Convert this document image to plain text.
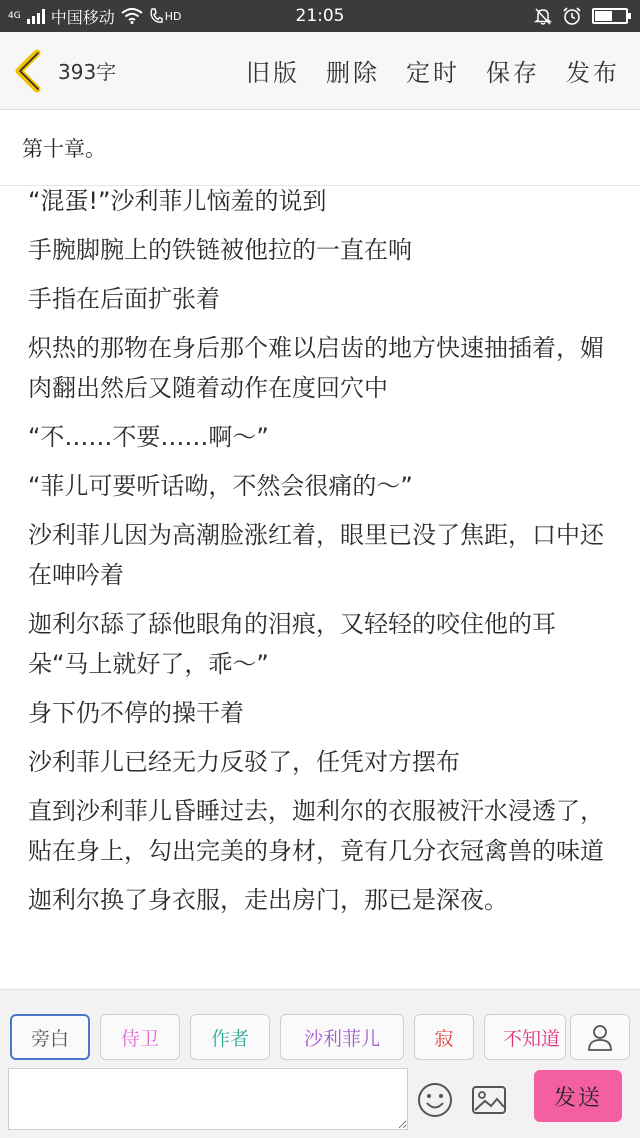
4G 中国移动	HD	21:05
393字	旧版 删除 定时 保存 发布
第十章。

“混蛋!”沙利菲儿恼羞的说到

手腕脚腕上的铁链被他拉的一直在响

手指在后面扩张着

炽热的那物在身后那个难以启齿的地方快速抽插着，媚肉翻出然后又随着动作在度回穴中

“不……不要……啊～”

“菲儿可要听话呦，不然会很痛的～”

沙利菲儿因为高潮脸涨红着，眼里已没了焦距，口中还在呻吟着

迦利尔舔了舔他眼角的泪痕，又轻轻的咬住他的耳朵“马上就好了，乖～”

身下仍不停的操干着

沙利菲儿已经无力反驳了，任凭对方摆布

直到沙利菲儿昏睡过去，迦利尔的衣服被汗水浸透了，贴在身上，勾出完美的身材，竟有几分衣冠禽兽的味道

迦利尔换了身衣服，走出房门，那已是深夜。

旁白	侍卫	作者	沙利菲儿	寂	不知道
发送
